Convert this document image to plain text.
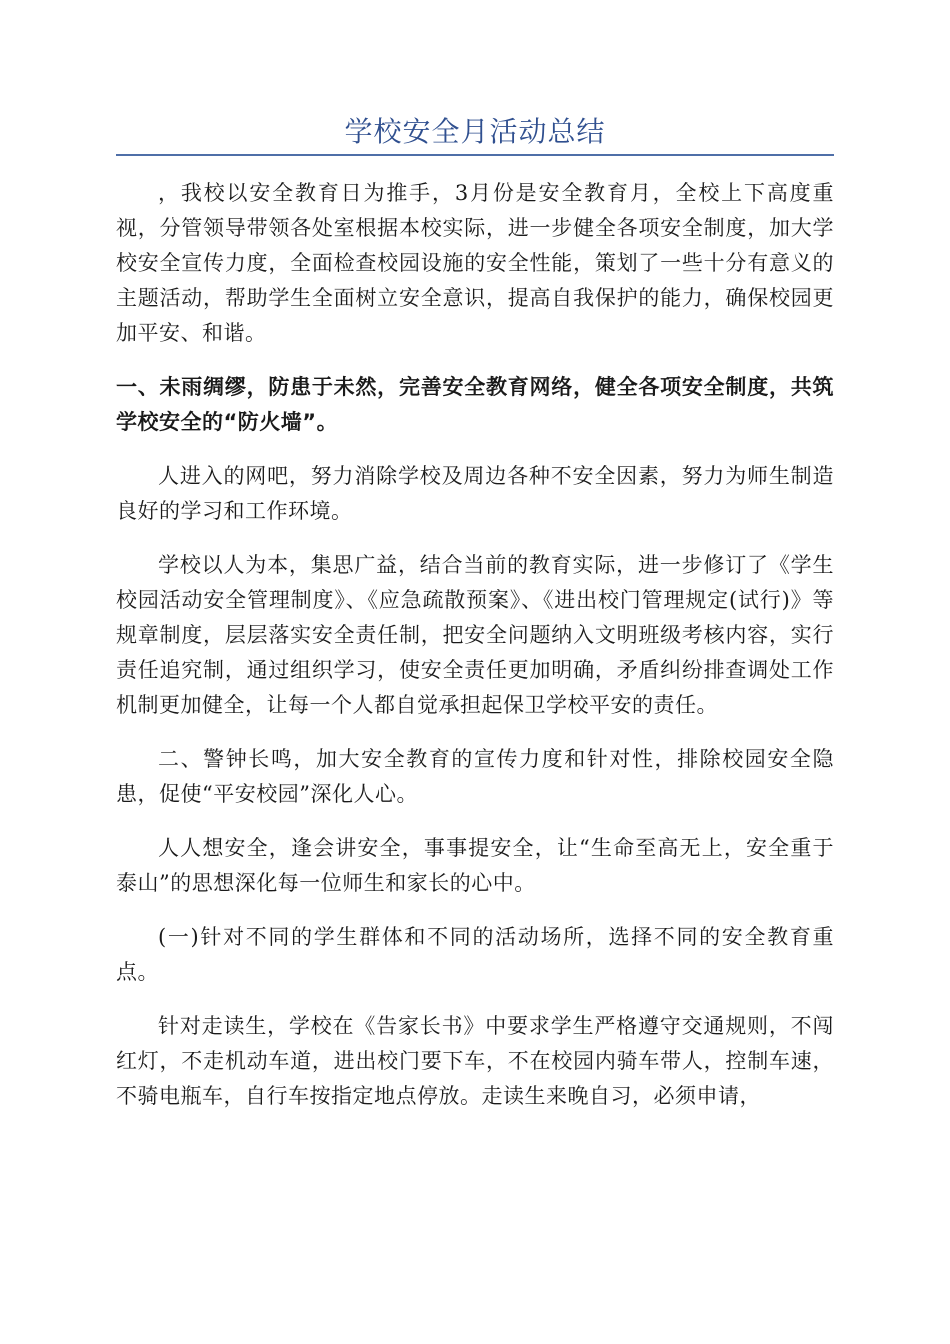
学校安全月活动总结

，我校以安全教育日为推手，3月份是安全教育月，全校上下高度重视，分管领导带领各处室根据本校实际，进一步健全各项安全制度，加大学校安全宣传力度，全面检查校园设施的安全性能，策划了一些十分有意义的主题活动，帮助学生全面树立安全意识，提高自我保护的能力，确保校园更加平安、和谐。

一、未雨绸缪，防患于未然，完善安全教育网络，健全各项安全制度，共筑学校安全的“防火墙”。

人进入的网吧，努力消除学校及周边各种不安全因素，努力为师生制造良好的学习和工作环境。

学校以人为本，集思广益，结合当前的教育实际，进一步修订了《学生校园活动安全管理制度》、《应急疏散预案》、《进出校门管理规定(试行)》等规章制度，层层落实安全责任制，把安全问题纳入文明班级考核内容，实行责任追究制，通过组织学习，使安全责任更加明确，矛盾纠纷排查调处工作机制更加健全，让每一个人都自觉承担起保卫学校平安的责任。

二、警钟长鸣，加大安全教育的宣传力度和针对性，排除校园安全隐患，促使“平安校园”深化人心。

人人想安全，逢会讲安全，事事提安全，让“生命至高无上，安全重于泰山”的思想深化每一位师生和家长的心中。

(一)针对不同的学生群体和不同的活动场所，选择不同的安全教育重点。

针对走读生，学校在《告家长书》中要求学生严格遵守交通规则，不闯红灯，不走机动车道，进出校门要下车，不在校园内骑车带人，控制车速，不骑电瓶车，自行车按指定地点停放。走读生来晚自习，必须申请，
